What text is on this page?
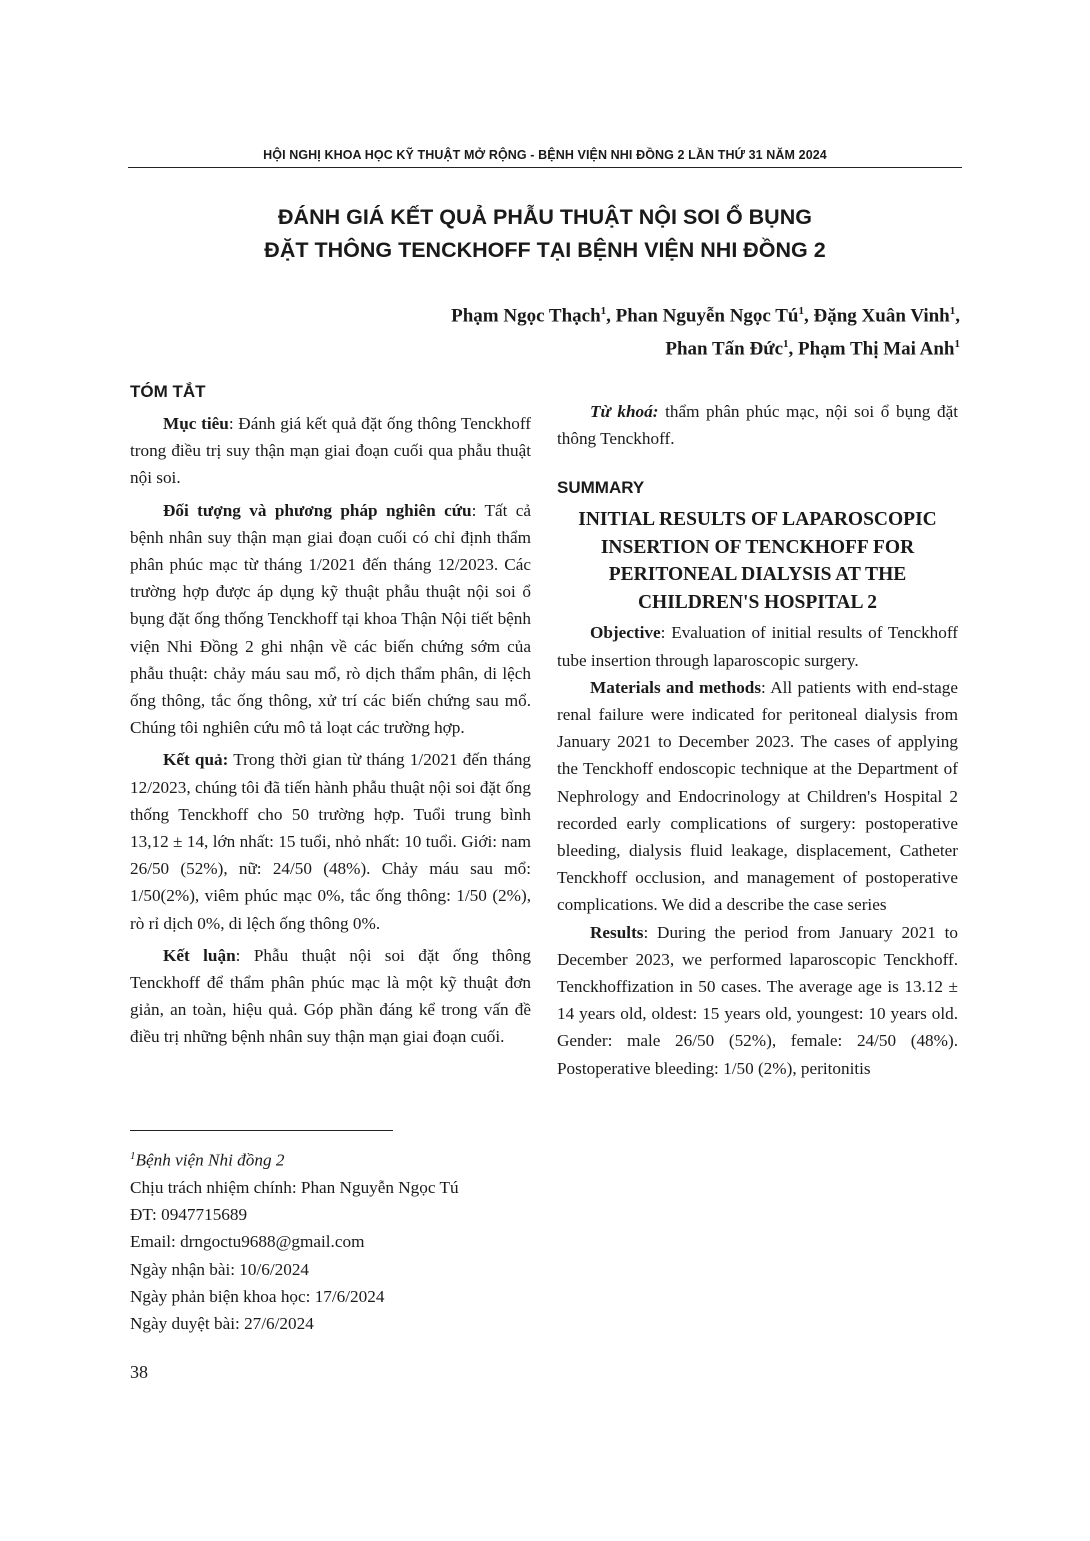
HỘI NGHỊ KHOA HỌC KỸ THUẬT MỞ RỘNG - BỆNH VIỆN NHI ĐỒNG 2 LẦN THỨ 31 NĂM 2024
ĐÁNH GIÁ KẾT QUẢ PHẪU THUẬT NỘI SOI Ổ BỤNG
ĐẶT THÔNG TENCKHOFF TẠI BỆNH VIỆN NHI ĐỒNG 2
Phạm Ngọc Thạch$^1$, Phan Nguyễn Ngọc $Tú^1$, Đặng Xuân Vinh$^1$,
Phan Tấn Đức$^1$, Phạm Thị Mai Anh$^1$
TÓM TẮT

Mục tiêu: Đánh giá kết quả đặt ống thông Tenckhoff trong điều trị suy thận mạn giai đoạn cuối qua phẫu thuật nội soi.

Đối tượng và phương pháp nghiên cứu: Tất cả bệnh nhân suy thận mạn giai đoạn cuối có chỉ định thẩm phân phúc mạc từ tháng 1/2021 đến tháng 12/2023. Các trường hợp được áp dụng kỹ thuật phẫu thuật nội soi ổ bụng đặt ống thống Tenckhoff tại khoa Thận Nội tiết bệnh viện Nhi Đồng 2 ghi nhận về các biến chứng sớm của phẫu thuật: chảy máu sau mổ, rò dịch thẩm phân, di lệch ống thông, tắc ống thông, xử trí các biến chứng sau mổ. Chúng tôi nghiên cứu mô tả loạt các trường hợp.

Kết quả: Trong thời gian từ tháng 1/2021 đến tháng 12/2023, chúng tôi đã tiến hành phẫu thuật nội soi đặt ống thống Tenckhoff cho 50 trường hợp. Tuổi trung bình 13,12 ± 14, lớn nhất: 15 tuổi, nhỏ nhất: 10 tuổi. Giới: nam 26/50 (52%), nữ: 24/50 (48%). Chảy máu sau mổ: 1/50(2%), viêm phúc mạc 0%, tắc ống thông: 1/50 (2%), rò rỉ dịch 0%, di lệch ống thông 0%.

Kết luận: Phẫu thuật nội soi đặt ống thông Tenckhoff để thẩm phân phúc mạc là một kỹ thuật đơn giản, an toàn, hiệu quả. Góp phần đáng kể trong vấn đề điều trị những bệnh nhân suy thận mạn giai đoạn cuối.

Từ khoá: thẩm phân phúc mạc, nội soi ổ bụng đặt thông Tenckhoff.

SUMMARY
INITIAL RESULTS OF LAPAROSCOPIC INSERTION OF TENCKHOFF FOR PERITONEAL DIALYSIS AT THE CHILDREN'S HOSPITAL 2

Objective: Evaluation of initial results of Tenckhoff tube insertion through laparoscopic surgery.

Materials and methods: All patients with end-stage renal failure were indicated for peritoneal dialysis from January 2021 to December 2023. The cases of applying the Tenckhoff endoscopic technique at the Department of Nephrology and Endocrinology at Children's Hospital 2 recorded early complications of surgery: postoperative bleeding, dialysis fluid leakage, displacement, Catheter Tenckhoff occlusion, and management of postoperative complications. We did a describe the case series

Results: During the period from January 2021 to December 2023, we performed laparoscopic Tenckhoff. Tenckhoffization in 50 cases. The average age is 13.12 ± 14 years old, oldest: 15 years old, youngest: 10 years old. Gender: male 26/50 (52%), female: 24/50 (48%). Postoperative bleeding: 1/50 (2%), peritonitis

$^1$Bệnh viện Nhi đồng 2
Chịu trách nhiệm chính: Phan Nguyễn Ngọc Tú
ĐT: 0947715689
Email: drngoctu9688@gmail.com
Ngày nhận bài: 10/6/2024
Ngày phản biện khoa học: 17/6/2024
Ngày duyệt bài: 27/6/2024
38
